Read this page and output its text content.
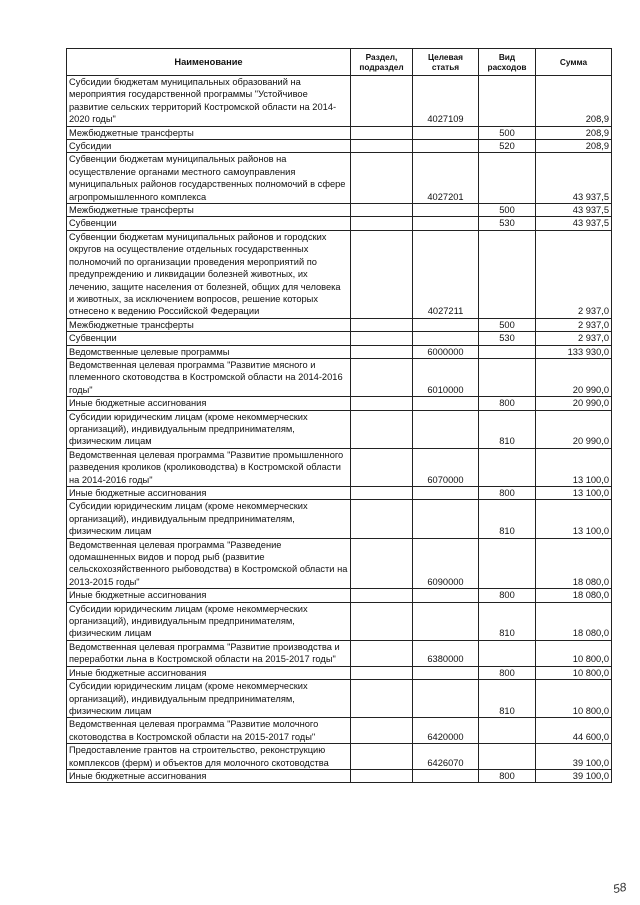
Наименование	Раздел, подраздел	Целевая статья	Вид расходов	Сумма
Субсидии бюджетам муниципальных образований на мероприятия государственной программы "Устойчивое развитие сельских территорий Костромской области на 2014-2020 годы"		4027109		208,9
Межбюджетные трансферты			500	208,9
Субсидии			520	208,9
Субвенции бюджетам муниципальных районов на осуществление органами местного самоуправления муниципальных районов государственных полномочий в сфере агропромышленного комплекса		4027201		43 937,5
Межбюджетные трансферты			500	43 937,5
Субвенции			530	43 937,5
Субвенции бюджетам муниципальных районов и городских округов на осуществление отдельных государственных полномочий по организации проведения мероприятий по предупреждению и ликвидации болезней животных, их лечению, защите населения от болезней, общих для человека и животных, за исключением вопросов, решение которых отнесено к ведению Российской Федерации		4027211		2 937,0
Межбюджетные трансферты			500	2 937,0
Субвенции			530	2 937,0
Ведомственные целевые программы		6000000		133 930,0
Ведомственная целевая программа "Развитие мясного и племенного скотоводства в Костромской области на 2014-2016 годы"		6010000		20 990,0
Иные бюджетные ассигнования			800	20 990,0
Субсидии юридическим лицам (кроме некоммерческих организаций), индивидуальным предпринимателям, физическим лицам			810	20 990,0
Ведомственная целевая программа "Развитие промышленного разведения кроликов (кролиководства) в Костромской области на 2014-2016 годы"		6070000		13 100,0
Иные бюджетные ассигнования			800	13 100,0
Субсидии юридическим лицам (кроме некоммерческих организаций), индивидуальным предпринимателям, физическим лицам			810	13 100,0
Ведомственная целевая программа "Разведение одомашненных видов и пород рыб (развитие сельскохозяйственного рыбоводства) в Костромской области на 2013-2015 годы"		6090000		18 080,0
Иные бюджетные ассигнования			800	18 080,0
Субсидии юридическим лицам (кроме некоммерческих организаций), индивидуальным предпринимателям, физическим лицам			810	18 080,0
Ведомственная целевая программа "Развитие производства и переработки льна в Костромской области на 2015-2017 годы"		6380000		10 800,0
Иные бюджетные ассигнования			800	10 800,0
Субсидии юридическим лицам (кроме некоммерческих организаций), индивидуальным предпринимателям, физическим лицам			810	10 800,0
Ведомственная целевая программа "Развитие молочного скотоводства в Костромской области на 2015-2017 годы"		6420000		44 600,0
Предоставление грантов на строительство, реконструкцию комплексов (ферм) и объектов для молочного скотоводства		6426070		39 100,0
Иные бюджетные ассигнования			800	39 100,0
58
